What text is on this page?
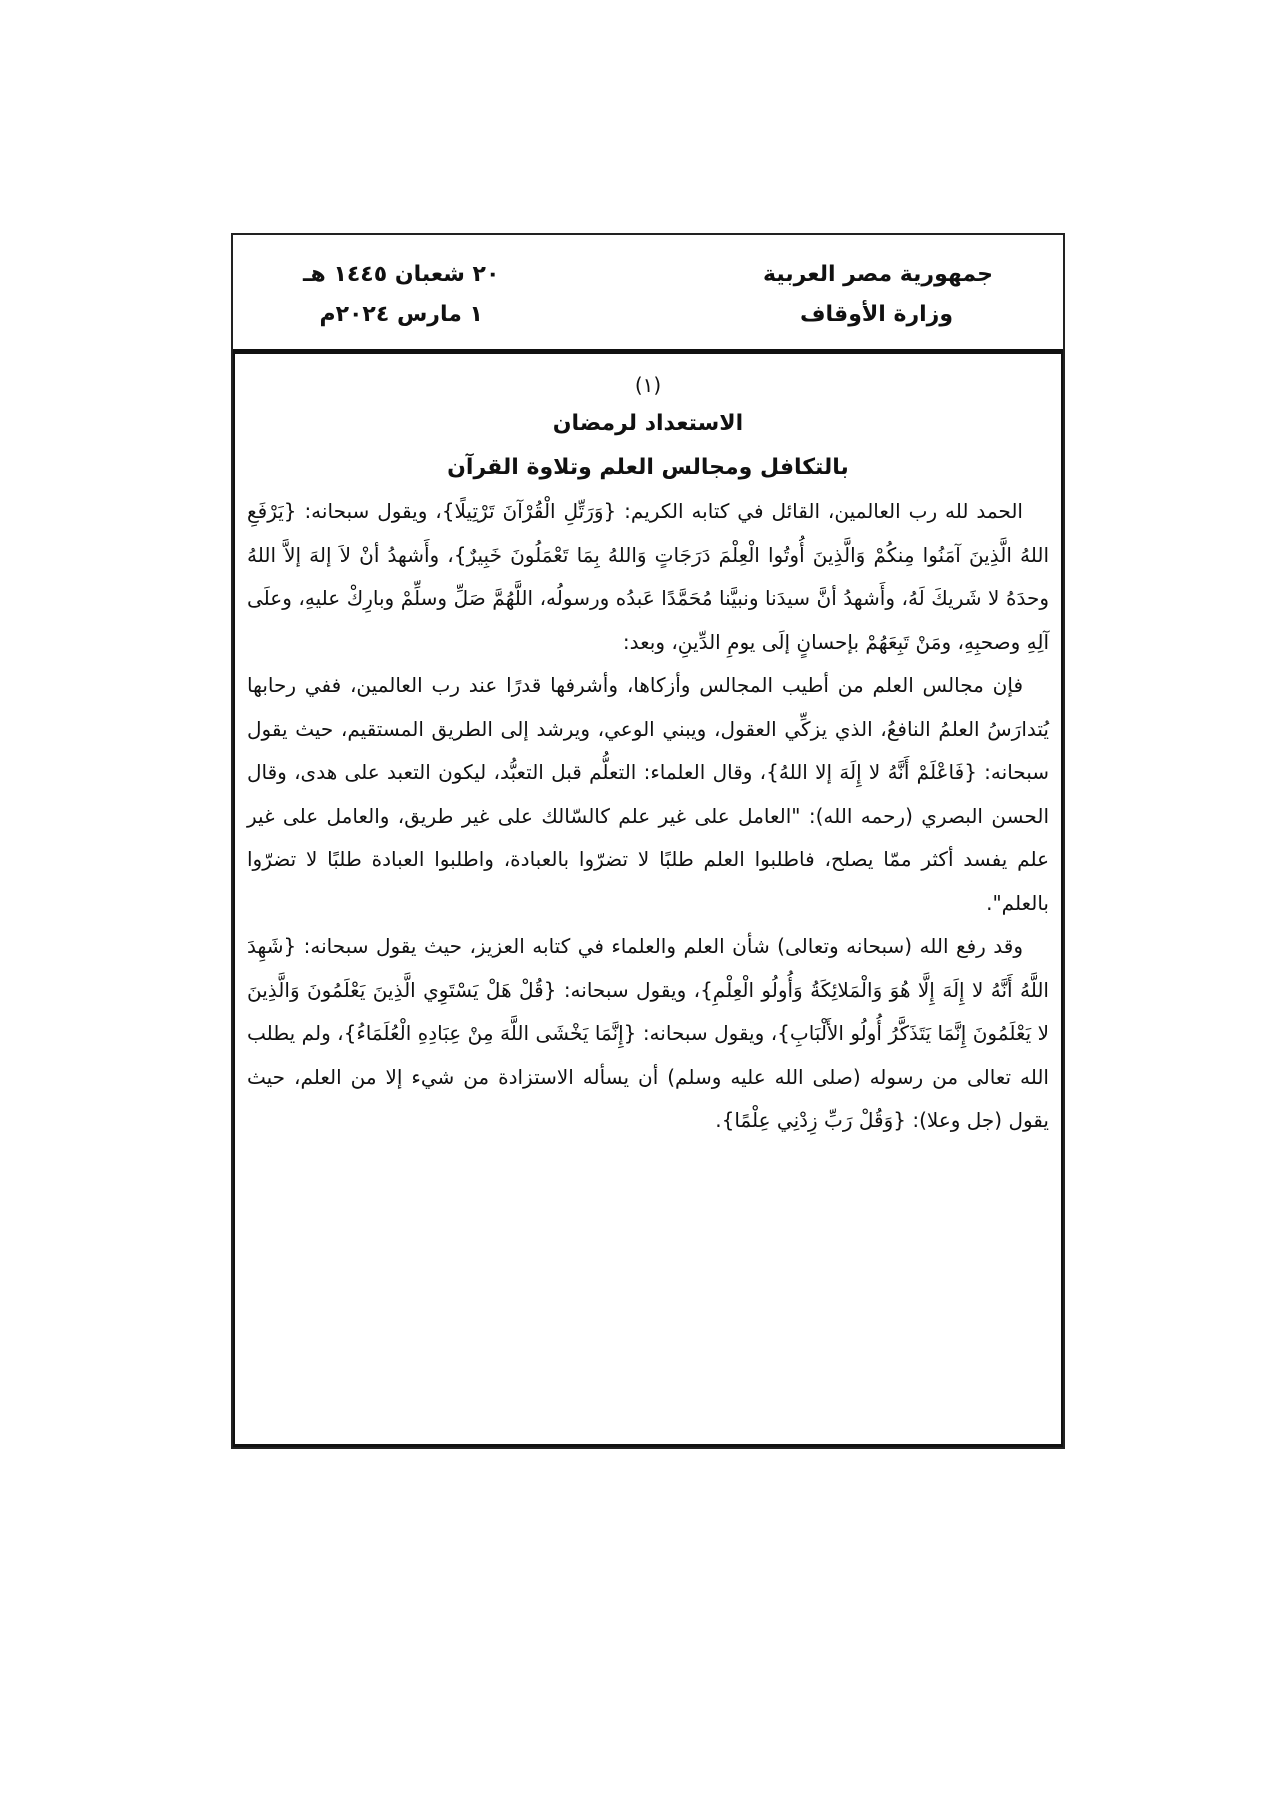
جمهورية مصر العربية
وزارة الأوقاف
٢٠ شعبان ١٤٤٥ هـ
١ مارس ٢٠٢٤م
(١)
الاستعداد لرمضان
بالتكافل ومجالس العلم وتلاوة القرآن

الحمد لله رب العالمين، القائل في كتابه الكريم: {وَرَتِّلِ الْقُرْآنَ تَرْتِيلًا}، ويقول سبحانه: {يَرْفَعِ اللهُ الَّذِينَ آمَنُوا مِنكُمْ وَالَّذِينَ أُوتُوا الْعِلْمَ دَرَجَاتٍ وَاللهُ بِمَا تَعْمَلُونَ خَبِيرٌ}، وأَشهدُ أنْ لاَ إلهَ إلاَّ اللهُ وحدَهُ لا شَريكَ لَهُ، وأَشهدُ أنَّ سيدَنا ونبيَّنا مُحَمَّدًا عَبدُه ورسولُه، اللَّهُمَّ صَلِّ وسلِّمْ وبارِكْ عليهِ، وعلَى آلِهِ وصحبِهِ، ومَنْ تَبِعَهُمْ بإحسانٍ إلَى يومِ الدِّينِ، وبعد:

فإن مجالس العلم من أطيب المجالس وأزكاها، وأشرفها قدرًا عند رب العالمين، ففي رحابها يُتدارَسُ العلمُ النافعُ، الذي يزكِّي العقول، ويبني الوعي، ويرشد إلى الطريق المستقيم، حيث يقول سبحانه: {فَاعْلَمْ أَنَّهُ لا إِلَهَ إلا اللهُ}، وقال العلماء: التعلُّم قبل التعبُّد، ليكون التعبد على هدى، وقال الحسن البصري (رحمه الله): "العامل على غير علم كالسّالك على غير طريق، والعامل على غير علم يفسد أكثر ممّا يصلح، فاطلبوا العلم طلبًا لا تضرّوا بالعبادة، واطلبوا العبادة طلبًا لا تضرّوا بالعلم".

وقد رفع الله (سبحانه وتعالى) شأن العلم والعلماء في كتابه العزيز، حيث يقول سبحانه: {شَهِدَ اللَّهُ أَنَّهُ لا إِلَهَ إِلَّا هُوَ وَالْمَلائِكَةُ وَأُولُو الْعِلْمِ}، ويقول سبحانه: {قُلْ هَلْ يَسْتَوِي الَّذِينَ يَعْلَمُونَ وَالَّذِينَ لا يَعْلَمُونَ إِنَّمَا يَتَذَكَّرُ أُولُو الأَلْبَابِ}، ويقول سبحانه: {إِنَّمَا يَخْشَى اللَّهَ مِنْ عِبَادِهِ الْعُلَمَاءُ}، ولم يطلب الله تعالى من رسوله (صلى الله عليه وسلم) أن يسأله الاستزادة من شيء إلا من العلم، حيث يقول (جل وعلا): {وَقُلْ رَبِّ زِدْنِي عِلْمًا}.
